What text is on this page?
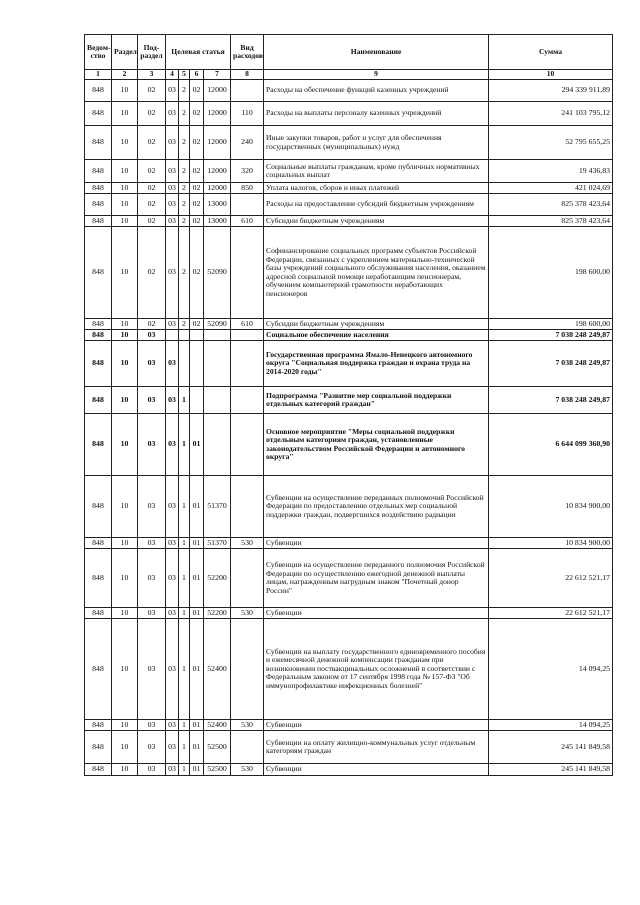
Ведом-ство	Раздел	Под-раздел	Целевая статья				Вид расходов	Наименование	Сумма
1	2	3	4	5	6	7	8	9	10
848	10	02	03	2	02	12000		Расходы на обеспечение функций казенных учреждений	294 339 911,89
848	10	02	03	2	02	12000	110	Расходы на выплаты персоналу казенных учреждений	241 103 795,12
848	10	02	03	2	02	12000	240	Иные закупки товаров, работ и услуг для обеспечения государственных (муниципальных) нужд	52 795 655,25
848	10	02	03	2	02	12000	320	Социальные выплаты гражданам, кроме публичных нормативных социальных выплат	19 436,83
848	10	02	03	2	02	12000	850	Уплата налогов, сборов и иных платежей	421 024,69
848	10	02	03	2	02	13000		Расходы на предоставление субсидий бюджетным учреждениям	825 378 423,64
848	10	02	03	2	02	13000	610	Субсидии бюджетным учреждениям	825 378 423,64
848	10	02	03	2	02	52090		Софинансирование социальных программ субъектов Российской Федерации, связанных с укреплением материально-технической базы учреждений социального обслуживания населения, оказанием адресной социальной помощи неработающим пенсионерам, обучением компьютерной грамотности неработающих пенсионеров	198 600,00
848	10	02	03	2	02	52090	610	Субсидии бюджетным учреждениям	198 600,00
848	10	03						Социальное обеспечение населения	7 038 248 249,87
848	10	03	03					Государственная программа Ямало-Ненецкого автономного округа "Социальная поддержка граждан и охрана труда на 2014-2020 годы"	7 038 248 249,87
848	10	03	03	1				Подпрограмма "Развитие мер социальной поддержки отдельных категорий граждан"	7 038 248 249,87
848	10	03	03	1	01			Основное мероприятие "Меры социальной поддержки отдельным категориям граждан, установленные законодательством Российской Федерации и автономного округа"	6 644 099 360,90
848	10	03	03	1	01	51370		Субвенции на осуществление переданных полномочий Российской Федерации по предоставлению отдельных мер социальной поддержки граждан, подвергшихся воздействию радиации	10 834 900,00
848	10	03	03	1	01	51370	530	Субвенции	10 834 900,00
848	10	03	03	1	01	52200		Субвенции на осуществление переданного полномочия Российской Федерации по осуществлению ежегодной денежной выплаты лицам, награжденным нагрудным знаком "Почетный донор России"	22 612 521,17
848	10	03	03	1	01	52200	530	Субвенции	22 612 521,17
848	10	03	03	1	01	52400		Субвенции на выплату государственного единовременного пособия и ежемесячной денежной компенсации гражданам при возникновении поствакцинальных осложнений в соответствии с Федеральным законом от 17 сентября 1998 года № 157-ФЗ "Об иммунопрофилактике инфекционных болезней"	14 094,25
848	10	03	03	1	01	52400	530	Субвенции	14 094,25
848	10	03	03	1	01	52500		Субвенции на оплату жилищно-коммунальных услуг отдельным категориям граждан	245 141 849,58
848	10	03	03	1	01	52500	530	Субвенции	245 141 849,58
